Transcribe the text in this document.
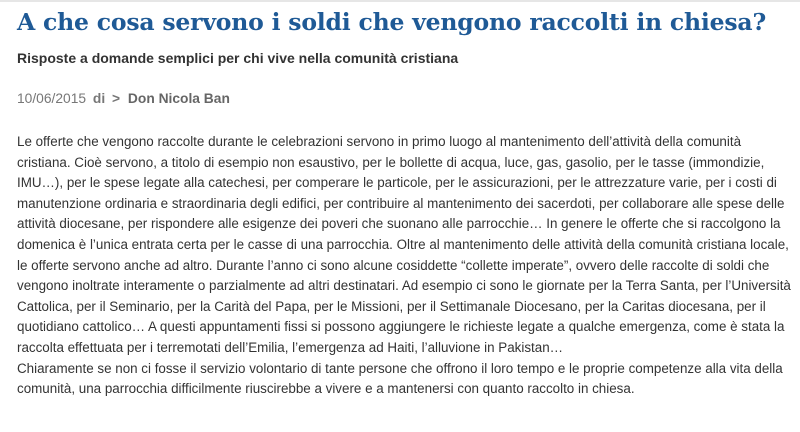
A che cosa servono i soldi che vengono raccolti in chiesa?
Risposte a domande semplici per chi vive nella comunità cristiana
10/06/2015 di > Don Nicola Ban

Le offerte che vengono raccolte durante le celebrazioni servono in primo luogo al mantenimento dell’attività della comunità cristiana. Cioè servono, a titolo di esempio non esaustivo, per le bollette di acqua, luce, gas, gasolio, per le tasse (immondizie, IMU…), per le spese legate alla catechesi, per comperare le particole, per le assicurazioni, per le attrezzature varie, per i costi di manutenzione ordinaria e straordinaria degli edifici, per contribuire al mantenimento dei sacerdoti, per collaborare alle spese delle attività diocesane, per rispondere alle esigenze dei poveri che suonano alle parrocchie… In genere le offerte che si raccolgono la domenica è l’unica entrata certa per le casse di una parrocchia. Oltre al mantenimento delle attività della comunità cristiana locale, le offerte servono anche ad altro. Durante l’anno ci sono alcune cosiddette “collette imperate”, ovvero delle raccolte di soldi che vengono inoltrate interamente o parzialmente ad altri destinatari. Ad esempio ci sono le giornate per la Terra Santa, per l’Università Cattolica, per il Seminario, per la Carità del Papa, per le Missioni, per il Settimanale Diocesano, per la Caritas diocesana, per il quotidiano cattolico… A questi appuntamenti fissi si possono aggiungere le richieste legate a qualche emergenza, come è stata la raccolta effettuata per i terremotati dell’Emilia, l’emergenza ad Haiti, l’alluvione in Pakistan…

Chiaramente se non ci fosse il servizio volontario di tante persone che offrono il loro tempo e le proprie competenze alla vita della comunità, una parrocchia difficilmente riuscirebbe a vivere e a mantenersi con quanto raccolto in chiesa.
